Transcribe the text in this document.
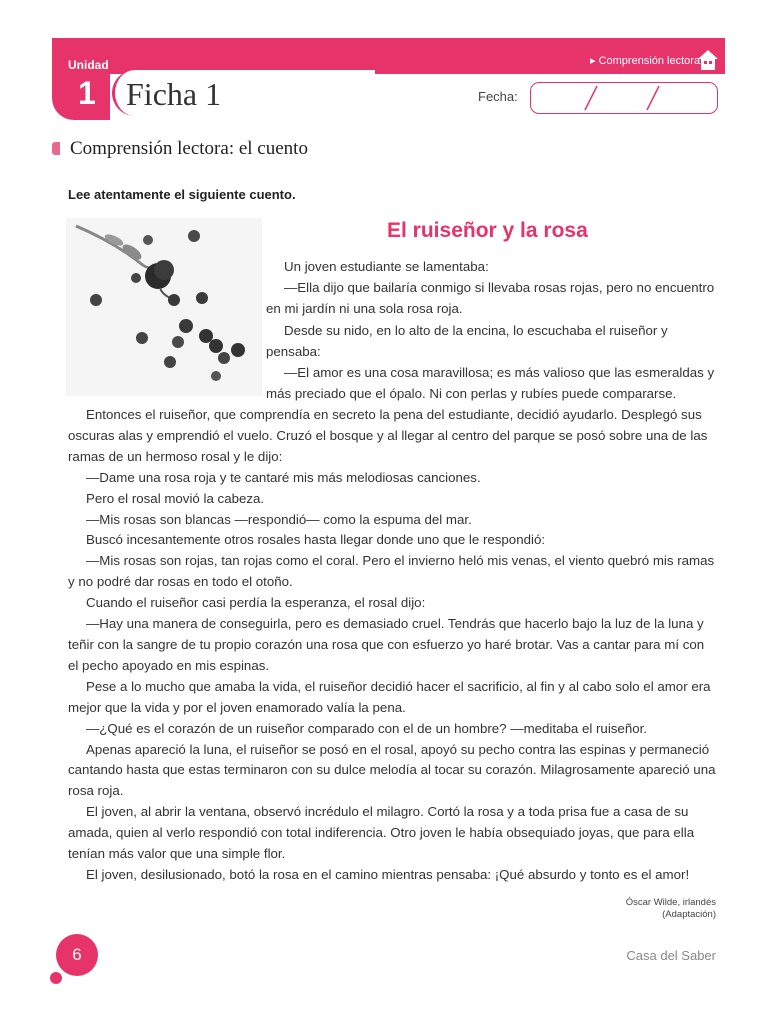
Unidad
1 Ficha 1
▸ Comprensión lectora
Fecha:
Comprensión lectora: el cuento
Lee atentamente el siguiente cuento.
El ruiseñor y la rosa

Un joven estudiante se lamentaba:

—Ella dijo que bailaría conmigo si llevaba rosas rojas, pero no encuentro en mi jardín ni una sola rosa roja.

Desde su nido, en lo alto de la encina, lo escuchaba el ruiseñor y pensaba:

—El amor es una cosa maravillosa; es más valioso que las esmeraldas y más preciado que el ópalo. Ni con perlas y rubíes puede compararse.

Entonces el ruiseñor, que comprendía en secreto la pena del estudiante, decidió ayudarlo. Desplegó sus oscuras alas y emprendió el vuelo. Cruzó el bosque y al llegar al centro del parque se posó sobre una de las ramas de un hermoso rosal y le dijo:

—Dame una rosa roja y te cantaré mis más melodiosas canciones.

Pero el rosal movió la cabeza.

—Mis rosas son blancas —respondió— como la espuma del mar.

Buscó incesantemente otros rosales hasta llegar donde uno que le respondió:

—Mis rosas son rojas, tan rojas como el coral. Pero el invierno heló mis venas, el viento quebró mis ramas y no podré dar rosas en todo el otoño.

Cuando el ruiseñor casi perdía la esperanza, el rosal dijo:

—Hay una manera de conseguirla, pero es demasiado cruel. Tendrás que hacerlo bajo la luz de la luna y teñir con la sangre de tu propio corazón una rosa que con esfuerzo yo haré brotar. Vas a cantar para mí con el pecho apoyado en mis espinas.

Pese a lo mucho que amaba la vida, el ruiseñor decidió hacer el sacrificio, al fin y al cabo solo el amor era mejor que la vida y por el joven enamorado valía la pena.

—¿Qué es el corazón de un ruiseñor comparado con el de un hombre? —meditaba el ruiseñor.

Apenas apareció la luna, el ruiseñor se posó en el rosal, apoyó su pecho contra las espinas y permaneció cantando hasta que estas terminaron con su dulce melodía al tocar su corazón. Milagrosamente apareció una rosa roja.

El joven, al abrir la ventana, observó incrédulo el milagro. Cortó la rosa y a toda prisa fue a casa de su amada, quien al verlo respondió con total indiferencia. Otro joven le había obsequiado joyas, que para ella tenían más valor que una simple flor.

El joven, desilusionado, botó la rosa en el camino mientras pensaba: ¡Qué absurdo y tonto es el amor!

Óscar Wilde, irlandés
(Adaptación)
6	Casa del Saber
